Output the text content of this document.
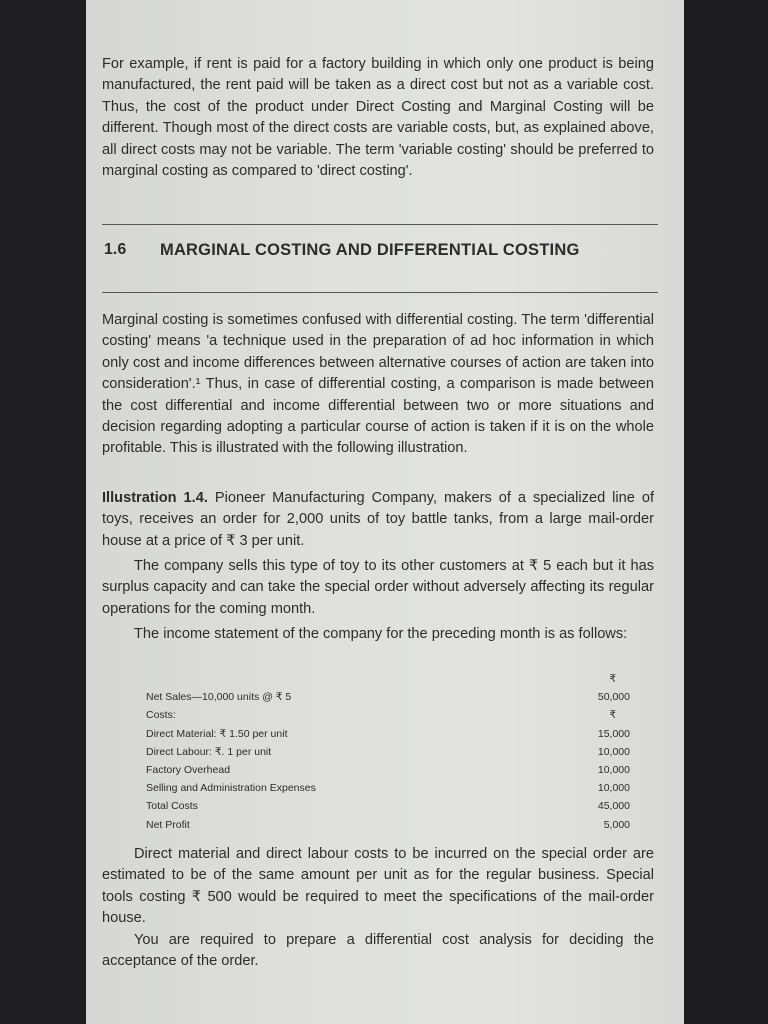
For example, if rent is paid for a factory building in which only one product is being manufactured, the rent paid will be taken as a direct cost but not as a variable cost. Thus, the cost of the product under Direct Costing and Marginal Costing will be different. Though most of the direct costs are variable costs, but, as explained above, all direct costs may not be variable. The term 'variable costing' should be preferred to marginal costing as compared to 'direct costing'.

1.6 MARGINAL COSTING AND DIFFERENTIAL COSTING

Marginal costing is sometimes confused with differential costing. The term 'differential costing' means 'a technique used in the preparation of ad hoc information in which only cost and income differences between alternative courses of action are taken into consideration'.¹ Thus, in case of differential costing, a comparison is made between the cost differential and income differential between two or more situations and decision regarding adopting a particular course of action is taken if it is on the whole profitable. This is illustrated with the following illustration.

Illustration 1.4. Pioneer Manufacturing Company, makers of a specialized line of toys, receives an order for 2,000 units of toy battle tanks, from a large mail-order house at a price of ₹ 3 per unit.

The company sells this type of toy to its other customers at ₹ 5 each but it has surplus capacity and can take the special order without adversely affecting its regular operations for the coming month.

The income statement of the company for the preceding month is as follows:

₹
Net Sales—10,000 units @ ₹ 5	50,000
Costs:	₹
Direct Material: ₹ 1.50 per unit	15,000
Direct Labour: ₹. 1 per unit	10,000
Factory Overhead	10,000
Selling and Administration Expenses	10,000
Total Costs	45,000
Net Profit	5,000

Direct material and direct labour costs to be incurred on the special order are estimated to be of the same amount per unit as for the regular business. Special tools costing ₹ 500 would be required to meet the specifications of the mail-order house.

You are required to prepare a differential cost analysis for deciding the acceptance of the order.
